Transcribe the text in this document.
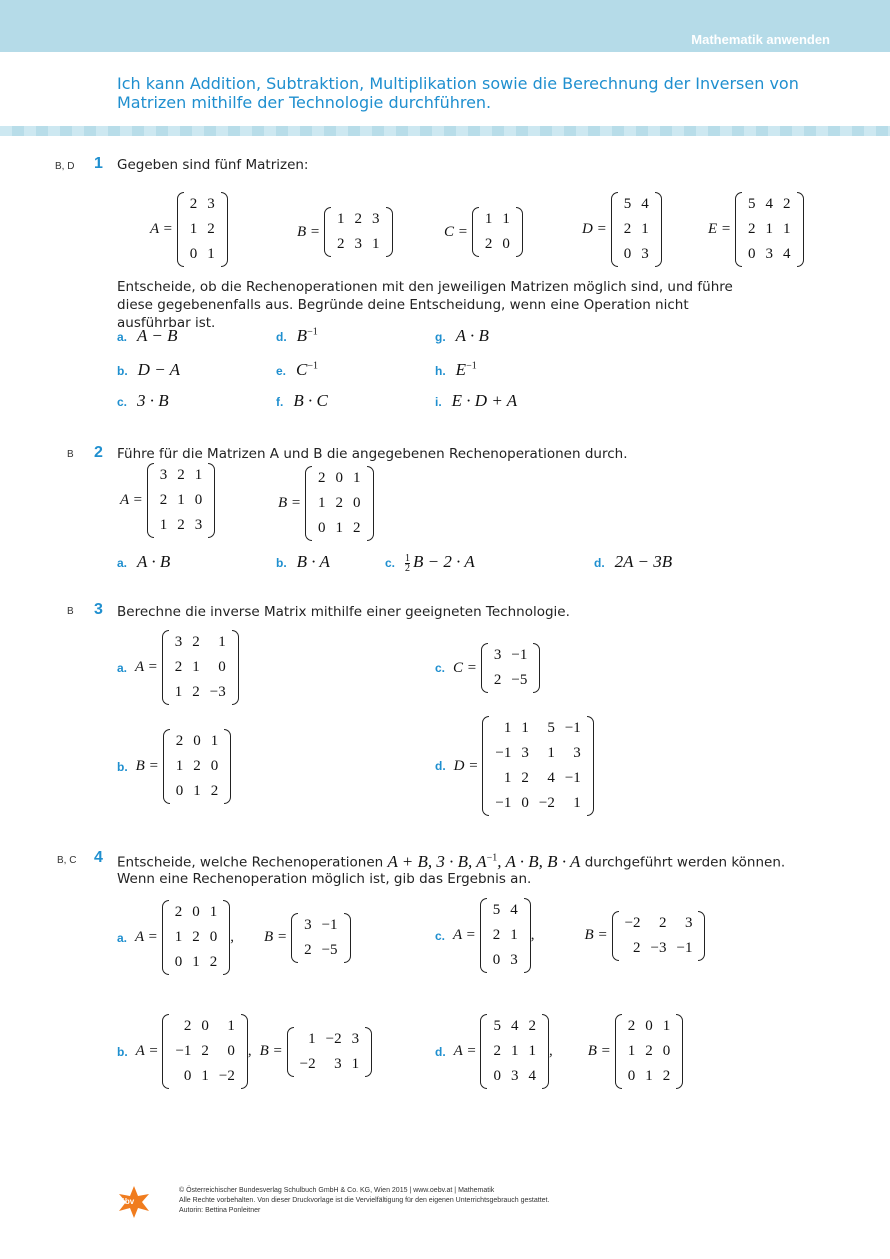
Mathematik anwenden
Ich kann Addition, Subtraktion, Multiplikation sowie die Berechnung der Inversen von Matrizen mithilfe der Technologie durchführen.
B, D 1 Gegeben sind fünf Matrizen:
A =
2 3
1 2
0 1
B =
1 2 3
2 3 1
C =
1 1
2 0
D =
5 4
2 1
0 3
E =
5 4 2
2 1 1
0 3 4
Entscheide, ob die Rechenoperationen mit den jeweiligen Matrizen möglich sind, und führe diese gegebenenfalls aus. Begründe deine Entscheidung, wenn eine Operation nicht ausführbar ist.
a. A − B
b. D − A
c. 3 · B
d. $B^{-1}$
e. $C^{-1}$
f. B · C
g. A · B
h. $E^{-1}$
i. E · D + A
B 2 Führe für die Matrizen A und B die angegebenen Rechenoperationen durch.
A =
3 2 1
2 1 0
1 2 3
B =
2 0 1
1 2 0
0 1 2
a. A · B	b. B · A	c. $\frac{1}{2}$ B − 2 · A	d. 2A − 3B
B 3 Berechne die inverse Matrix mithilfe einer geeigneten Technologie.
a. A =
3 2	1
2 1	0
1 2 −3
b. B =
2 0 1
1 2 0
0 1 2
c. C =
3 −1
2 −5
d. D =
1 1	5 −1
−1 3	1	3
1 2	4 −1
−1 0 −2	1
B, C 4 Entscheide, welche Rechenoperationen A + B, 3 · B, $A^{-1}$, A · B, B · A durchgeführt werden können.
Wenn eine Rechenoperation möglich ist, gib das Ergebnis an.
a. A =
2 0 1
1 2 0
0 1 2
, B =
3 −1
2 −5
b. A =
2 0	1
−1 2	0
0 1 −2
, B =
1 −2 3
−2	3 1
c. A =
5 4
2 1
0 3
,	B =
−2	2	3
2 −3 −1
d. A =
5 4 2
2 1 1
0 3 4
, B =
2 0 1
1 2 0
0 1 2
öbv
© Österreichischer Bundesverlag Schulbuch GmbH & Co. KG, Wien 2015 | www.oebv.at | Mathematik
Alle Rechte vorbehalten. Von dieser Druckvorlage ist die Vervielfältigung für den eigenen Unterrichtsgebrauch gestattet.
Autorin: Bettina Ponleitner
